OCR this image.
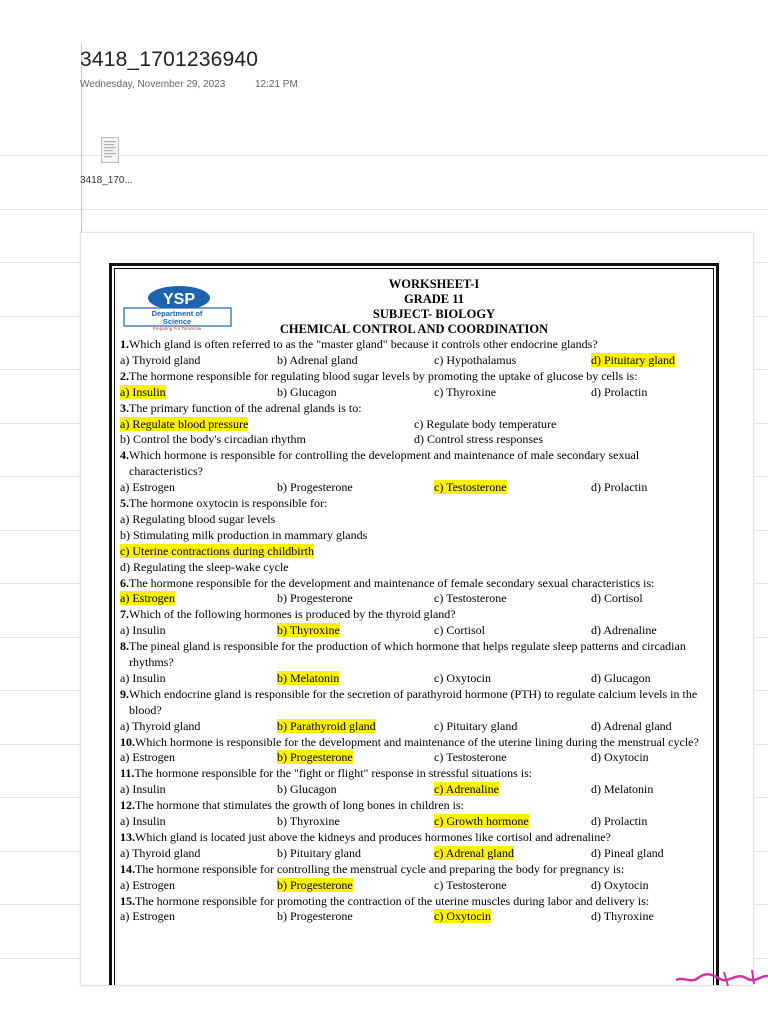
3418_1701236940
Wednesday, November 29, 2023	12:21 PM
3418_170...
YSP
Department of
Science
Preparing For Tomorrow
WORKSHEET-I
GRADE 11
SUBJECT- BIOLOGY
CHEMICAL CONTROL AND COORDINATION
1.Which gland is often referred to as the "master gland" because it controls other endocrine glands?
a) Thyroid gland	b) Adrenal gland	c) Hypothalamus	d) Pituitary gland
2.The hormone responsible for regulating blood sugar levels by promoting the uptake of glucose by cells is:
a) Insulin	b) Glucagon	c) Thyroxine	d) Prolactin
3.The primary function of the adrenal glands is to:
a) Regulate blood pressure	c) Regulate body temperature
b) Control the body's circadian rhythm	d) Control stress responses
4.Which hormone is responsible for controlling the development and maintenance of male secondary sexual characteristics?
a) Estrogen	b) Progesterone	c) Testosterone	d) Prolactin
5.The hormone oxytocin is responsible for:
a) Regulating blood sugar levels
b) Stimulating milk production in mammary glands
c) Uterine contractions during childbirth
d) Regulating the sleep-wake cycle
6.The hormone responsible for the development and maintenance of female secondary sexual characteristics is:
a) Estrogen	b) Progesterone	c) Testosterone	d) Cortisol
7.Which of the following hormones is produced by the thyroid gland?
a) Insulin	b) Thyroxine	c) Cortisol	d) Adrenaline
8.The pineal gland is responsible for the production of which hormone that helps regulate sleep patterns and circadian rhythms?
a) Insulin	b) Melatonin	c) Oxytocin	d) Glucagon
9.Which endocrine gland is responsible for the secretion of parathyroid hormone (PTH) to regulate calcium levels in the blood?
a) Thyroid gland	b) Parathyroid gland	c) Pituitary gland	d) Adrenal gland
10.Which hormone is responsible for the development and maintenance of the uterine lining during the menstrual cycle?
a) Estrogen	b) Progesterone	c) Testosterone	d) Oxytocin
11.The hormone responsible for the "fight or flight" response in stressful situations is:
a) Insulin	b) Glucagon	c) Adrenaline	d) Melatonin
12.The hormone that stimulates the growth of long bones in children is:
a) Insulin	b) Thyroxine	c) Growth hormone	d) Prolactin
13.Which gland is located just above the kidneys and produces hormones like cortisol and adrenaline?
a) Thyroid gland	b) Pituitary gland	c) Adrenal gland	d) Pineal gland
14.The hormone responsible for controlling the menstrual cycle and preparing the body for pregnancy is:
a) Estrogen	b) Progesterone	c) Testosterone	d) Oxytocin
15.The hormone responsible for promoting the contraction of the uterine muscles during labor and delivery is:
a) Estrogen	b) Progesterone	c) Oxytocin	d) Thyroxine
